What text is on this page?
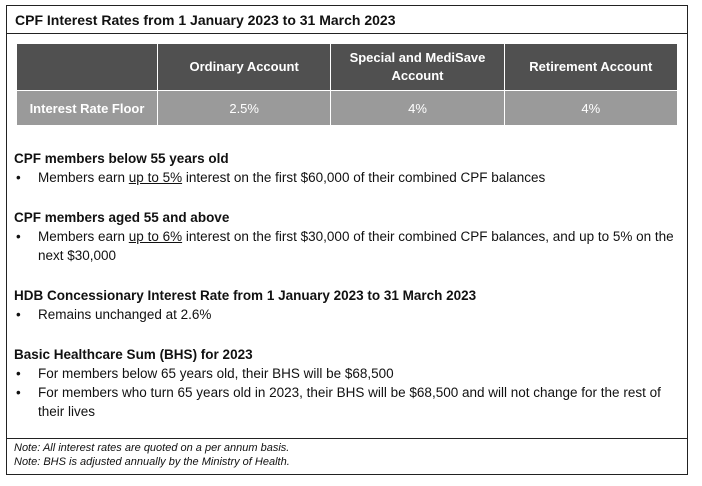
CPF Interest Rates from 1 January 2023 to 31 March 2023
	Ordinary Account	Special and MediSave Account	Retirement Account
Interest Rate Floor	2.5%	4%	4%
CPF members below 55 years old
• Members earn up to 5% interest on the first $60,000 of their combined CPF balances
CPF members aged 55 and above
• Members earn up to 6% interest on the first $30,000 of their combined CPF balances, and up to 5% on the next $30,000
HDB Concessionary Interest Rate from 1 January 2023 to 31 March 2023
• Remains unchanged at 2.6%
Basic Healthcare Sum (BHS) for 2023
• For members below 65 years old, their BHS will be $68,500
• For members who turn 65 years old in 2023, their BHS will be $68,500 and will not change for the rest of their lives
Note: All interest rates are quoted on a per annum basis.
Note: BHS is adjusted annually by the Ministry of Health.
